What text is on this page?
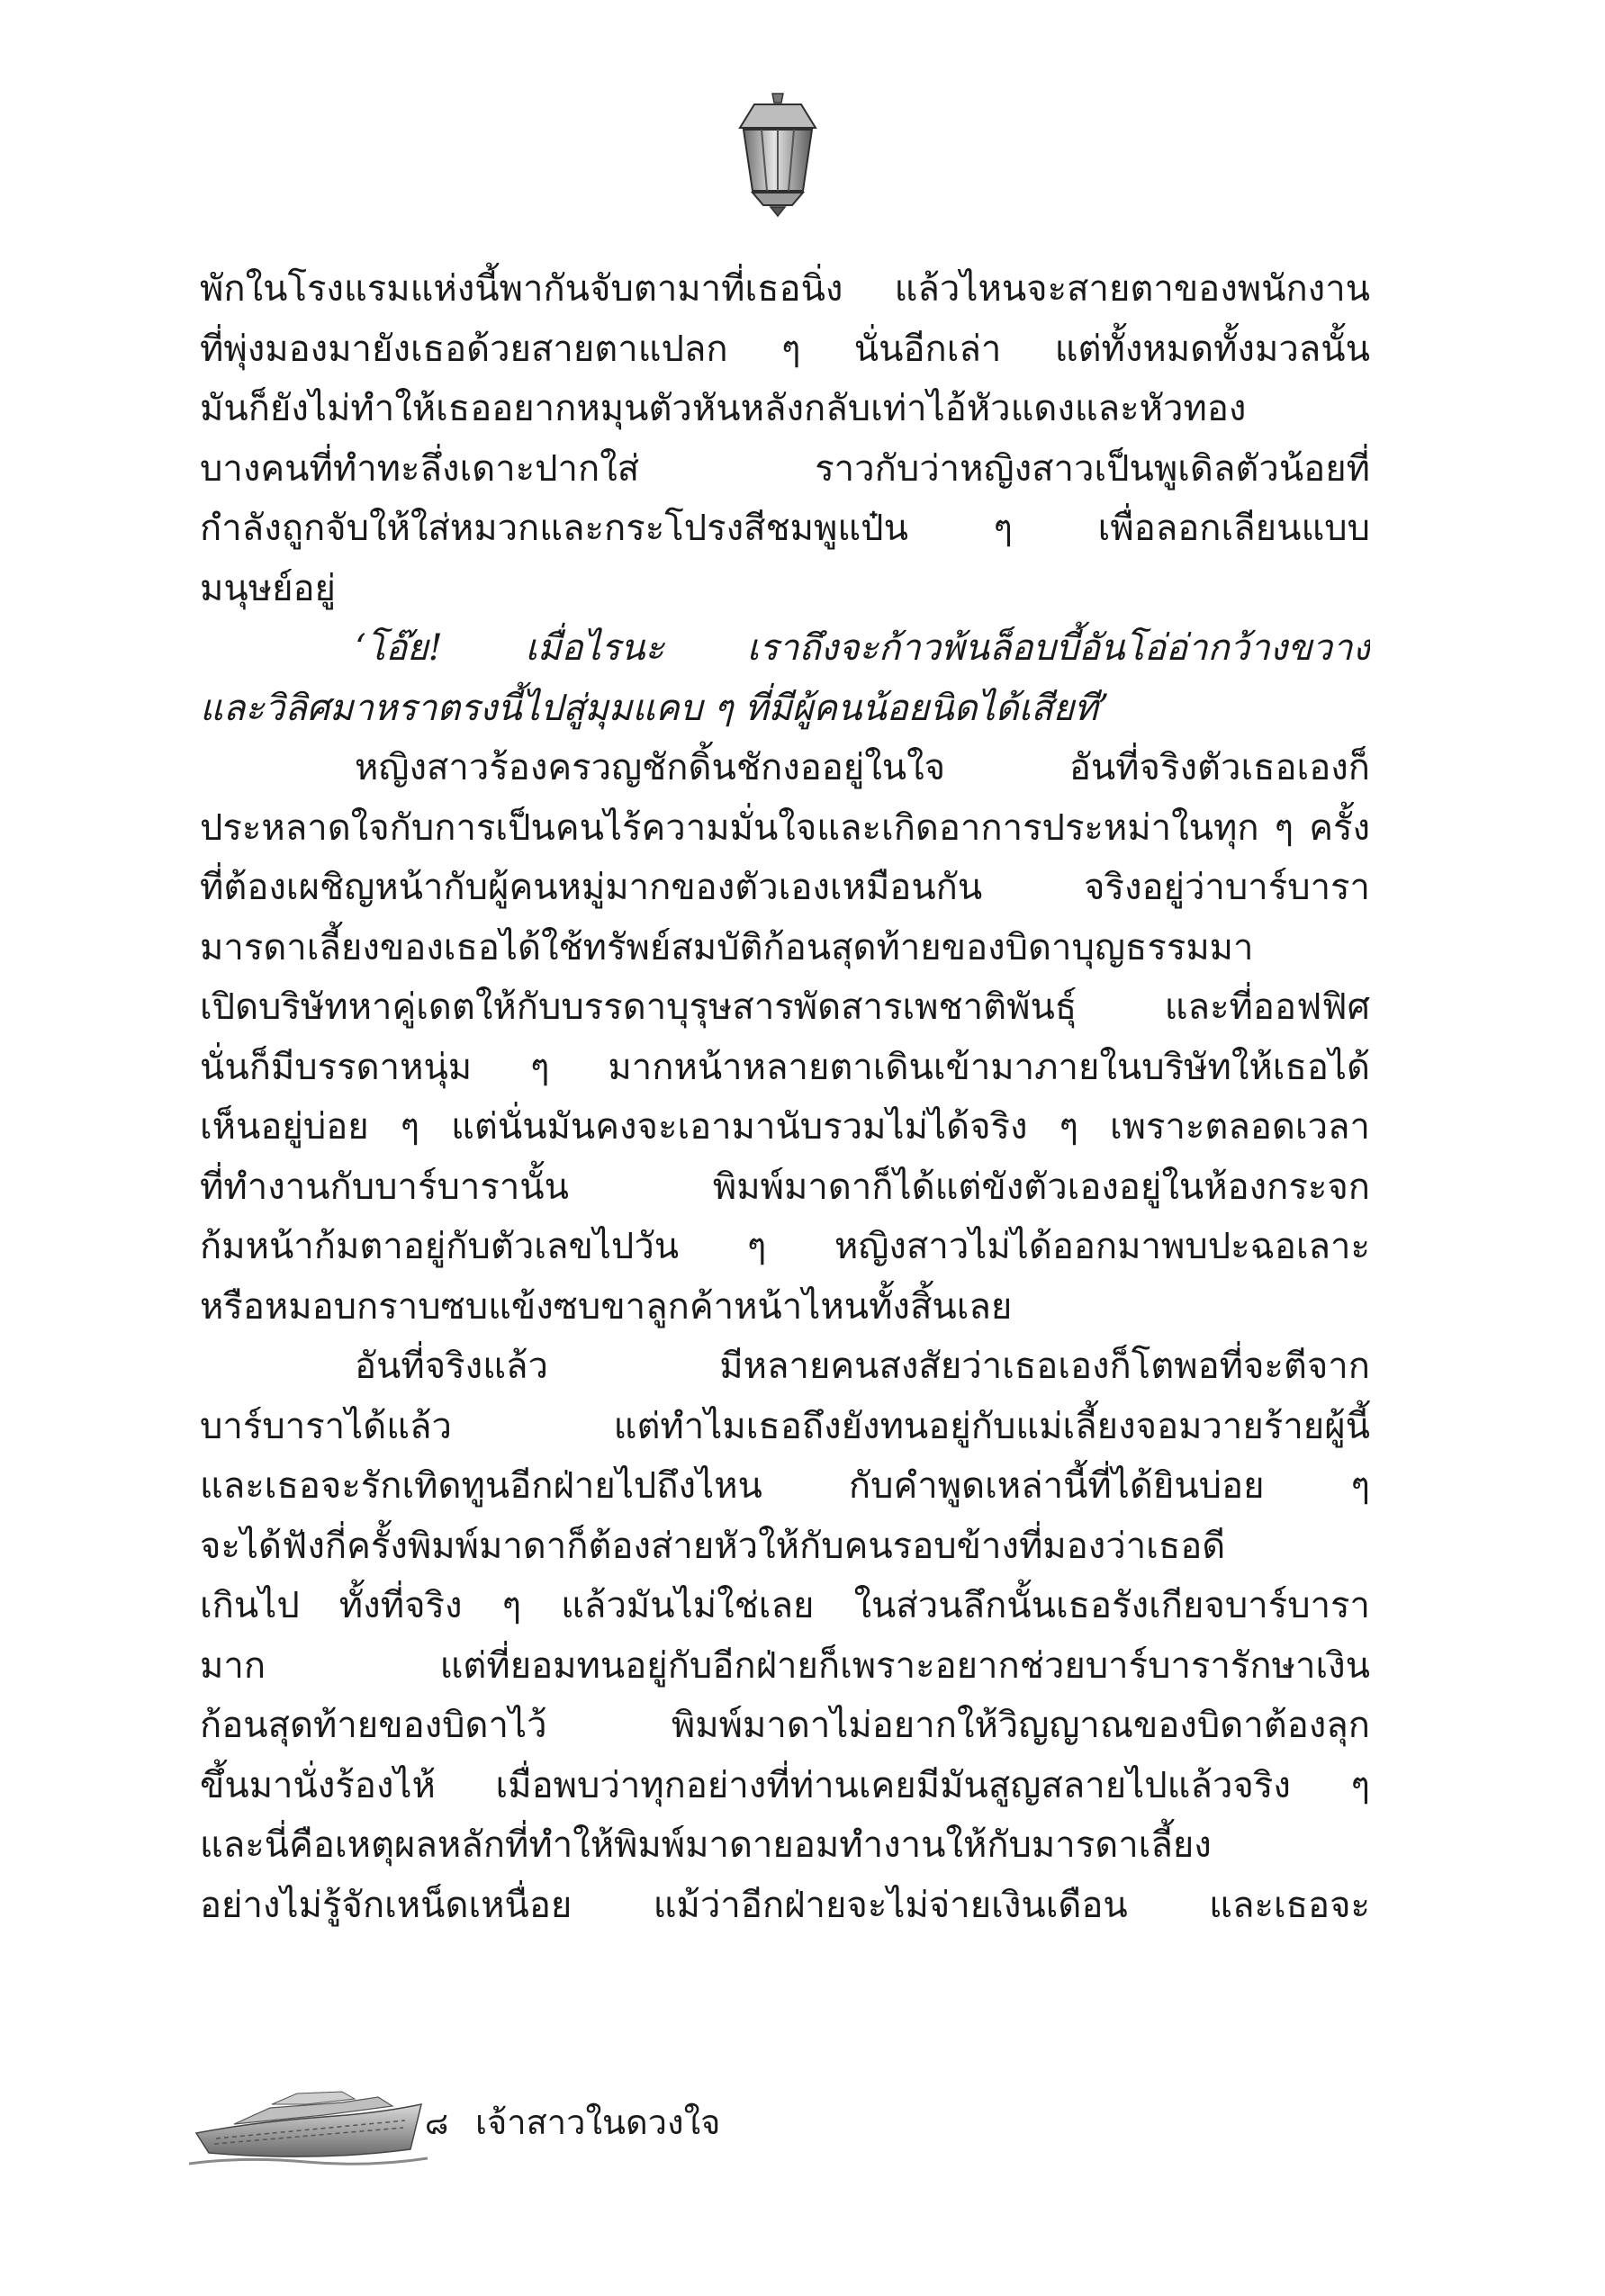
พักในโรงแรมแห่งนี้พากันจับตามาที่เธอนิ่ง แล้วไหนจะสายตาของพนักงาน
ที่พุ่งมองมายังเธอด้วยสายตาแปลก ๆ นั่นอีกเล่า แต่ทั้งหมดทั้งมวลนั้น
มันก็ยังไม่ทำให้เธออยากหมุนตัวหันหลังกลับเท่าไอ้หัวแดงและหัวทอง
บางคนที่ทำทะลึ่งเดาะปากใส่ ราวกับว่าหญิงสาวเป็นพูเดิลตัวน้อยที่
กำลังถูกจับให้ใส่หมวกและกระโปรงสีชมพูแป๋น ๆ เพื่อลอกเลียนแบบ
มนุษย์อยู่
‘โอ๊ย! เมื่อไรนะ เราถึงจะก้าวพ้นล็อบบี้อันโอ่อ่ากว้างขวาง
และวิลิศมาหราตรงนี้ไปสู่มุมแคบ ๆ ที่มีผู้คนน้อยนิดได้เสียที’
หญิงสาวร้องครวญชักดิ้นชักงออยู่ในใจ อันที่จริงตัวเธอเองก็
ประหลาดใจกับการเป็นคนไร้ความมั่นใจและเกิดอาการประหม่าในทุก ๆ ครั้ง
ที่ต้องเผชิญหน้ากับผู้คนหมู่มากของตัวเองเหมือนกัน จริงอยู่ว่าบาร์บารา
มารดาเลี้ยงของเธอได้ใช้ทรัพย์สมบัติก้อนสุดท้ายของบิดาบุญธรรมมา
เปิดบริษัทหาคู่เดตให้กับบรรดาบุรุษสารพัดสารเพชาติพันธุ์ และที่ออฟฟิศ
นั่นก็มีบรรดาหนุ่ม ๆ มากหน้าหลายตาเดินเข้ามาภายในบริษัทให้เธอได้
เห็นอยู่บ่อย ๆ แต่นั่นมันคงจะเอามานับรวมไม่ได้จริง ๆ เพราะตลอดเวลา
ที่ทำงานกับบาร์บารานั้น พิมพ์มาดาก็ได้แต่ขังตัวเองอยู่ในห้องกระจก
ก้มหน้าก้มตาอยู่กับตัวเลขไปวัน ๆ หญิงสาวไม่ได้ออกมาพบปะฉอเลาะ
หรือหมอบกราบซบแข้งซบขาลูกค้าหน้าไหนทั้งสิ้นเลย
อันที่จริงแล้ว มีหลายคนสงสัยว่าเธอเองก็โตพอที่จะตีจาก
บาร์บาราได้แล้ว แต่ทำไมเธอถึงยังทนอยู่กับแม่เลี้ยงจอมวายร้ายผู้นี้
และเธอจะรักเทิดทูนอีกฝ่ายไปถึงไหน กับคำพูดเหล่านี้ที่ได้ยินบ่อย ๆ
จะได้ฟังกี่ครั้งพิมพ์มาดาก็ต้องส่ายหัวให้กับคนรอบข้างที่มองว่าเธอดี
เกินไป ทั้งที่จริง ๆ แล้วมันไม่ใช่เลย ในส่วนลึกนั้นเธอรังเกียจบาร์บารา
มาก แต่ที่ยอมทนอยู่กับอีกฝ่ายก็เพราะอยากช่วยบาร์บารารักษาเงิน
ก้อนสุดท้ายของบิดาไว้ พิมพ์มาดาไม่อยากให้วิญญาณของบิดาต้องลุก
ขึ้นมานั่งร้องไห้ เมื่อพบว่าทุกอย่างที่ท่านเคยมีมันสูญสลายไปแล้วจริง ๆ
และนี่คือเหตุผลหลักที่ทำให้พิมพ์มาดายอมทำงานให้กับมารดาเลี้ยง
อย่างไม่รู้จักเหน็ดเหนื่อย แม้ว่าอีกฝ่ายจะไม่จ่ายเงินเดือน และเธอจะ
๘ เจ้าสาวในดวงใจ
